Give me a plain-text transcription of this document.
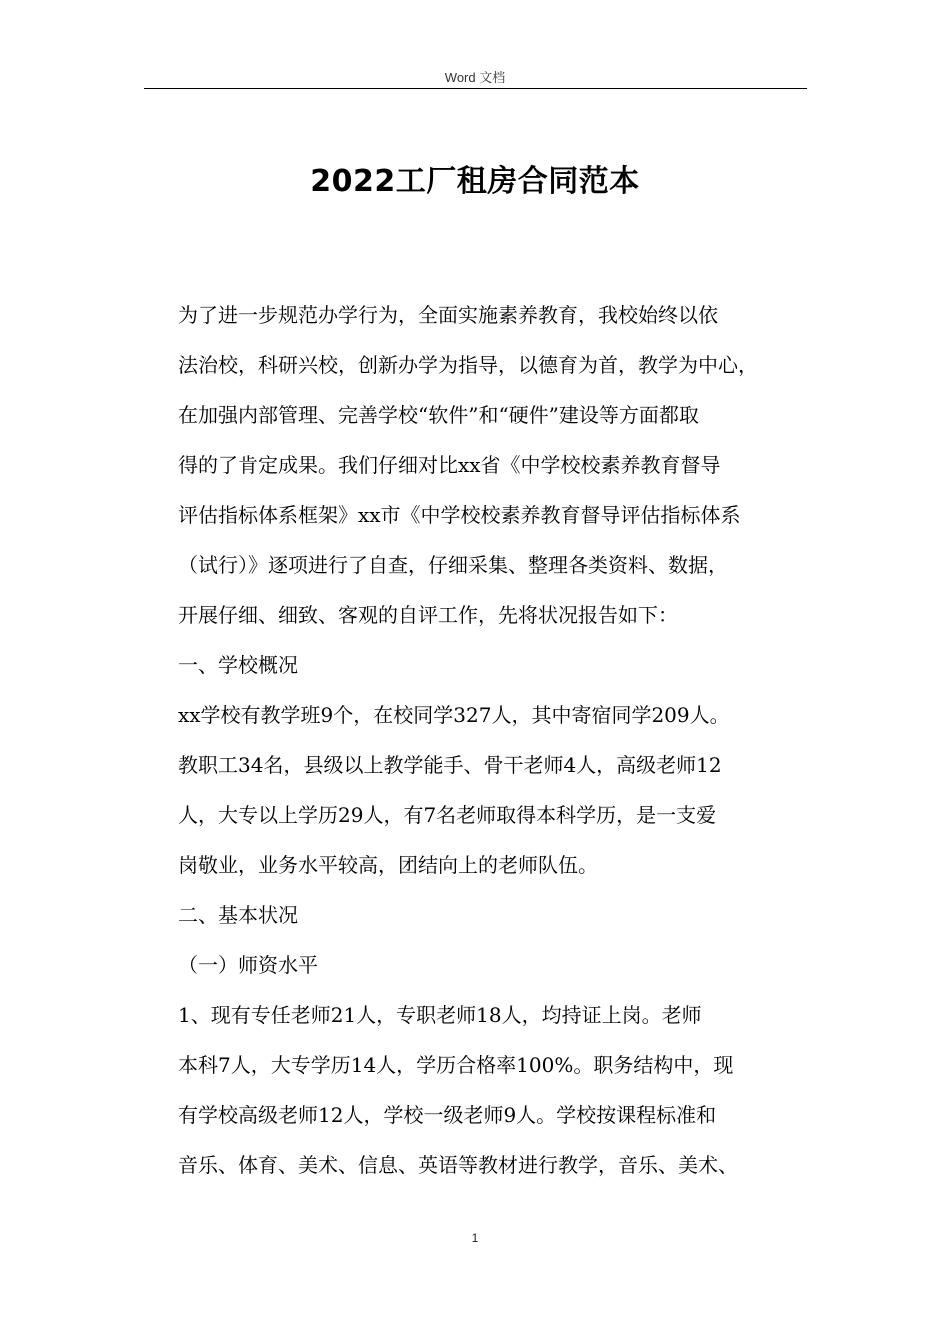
Word 文档
2022工厂租房合同范本
为了进一步规范办学行为，全面实施素养教育，我校始终以依
法治校，科研兴校，创新办学为指导，以德育为首，教学为中心，
在加强内部管理、完善学校“软件”和“硬件”建设等方面都取
得的了肯定成果。我们仔细对比xx省《中学校校素养教育督导
评估指标体系框架》xx市《中学校校素养教育督导评估指标体系
（试行）》逐项进行了自查，仔细采集、整理各类资料、数据，
开展仔细、细致、客观的自评工作，先将状况报告如下：
一、学校概况
xx学校有教学班9个，在校同学327人，其中寄宿同学209人。
教职工34名，县级以上教学能手、骨干老师4人，高级老师12
人，大专以上学历29人，有7名老师取得本科学历，是一支爱
岗敬业，业务水平较高，团结向上的老师队伍。
二、基本状况
（一）师资水平
1、现有专任老师21人，专职老师18人，均持证上岗。老师
本科7人，大专学历14人，学历合格率100%。职务结构中，现
有学校高级老师12人，学校一级老师9人。学校按课程标准和
音乐、体育、美术、信息、英语等教材进行教学，音乐、美术、
1
